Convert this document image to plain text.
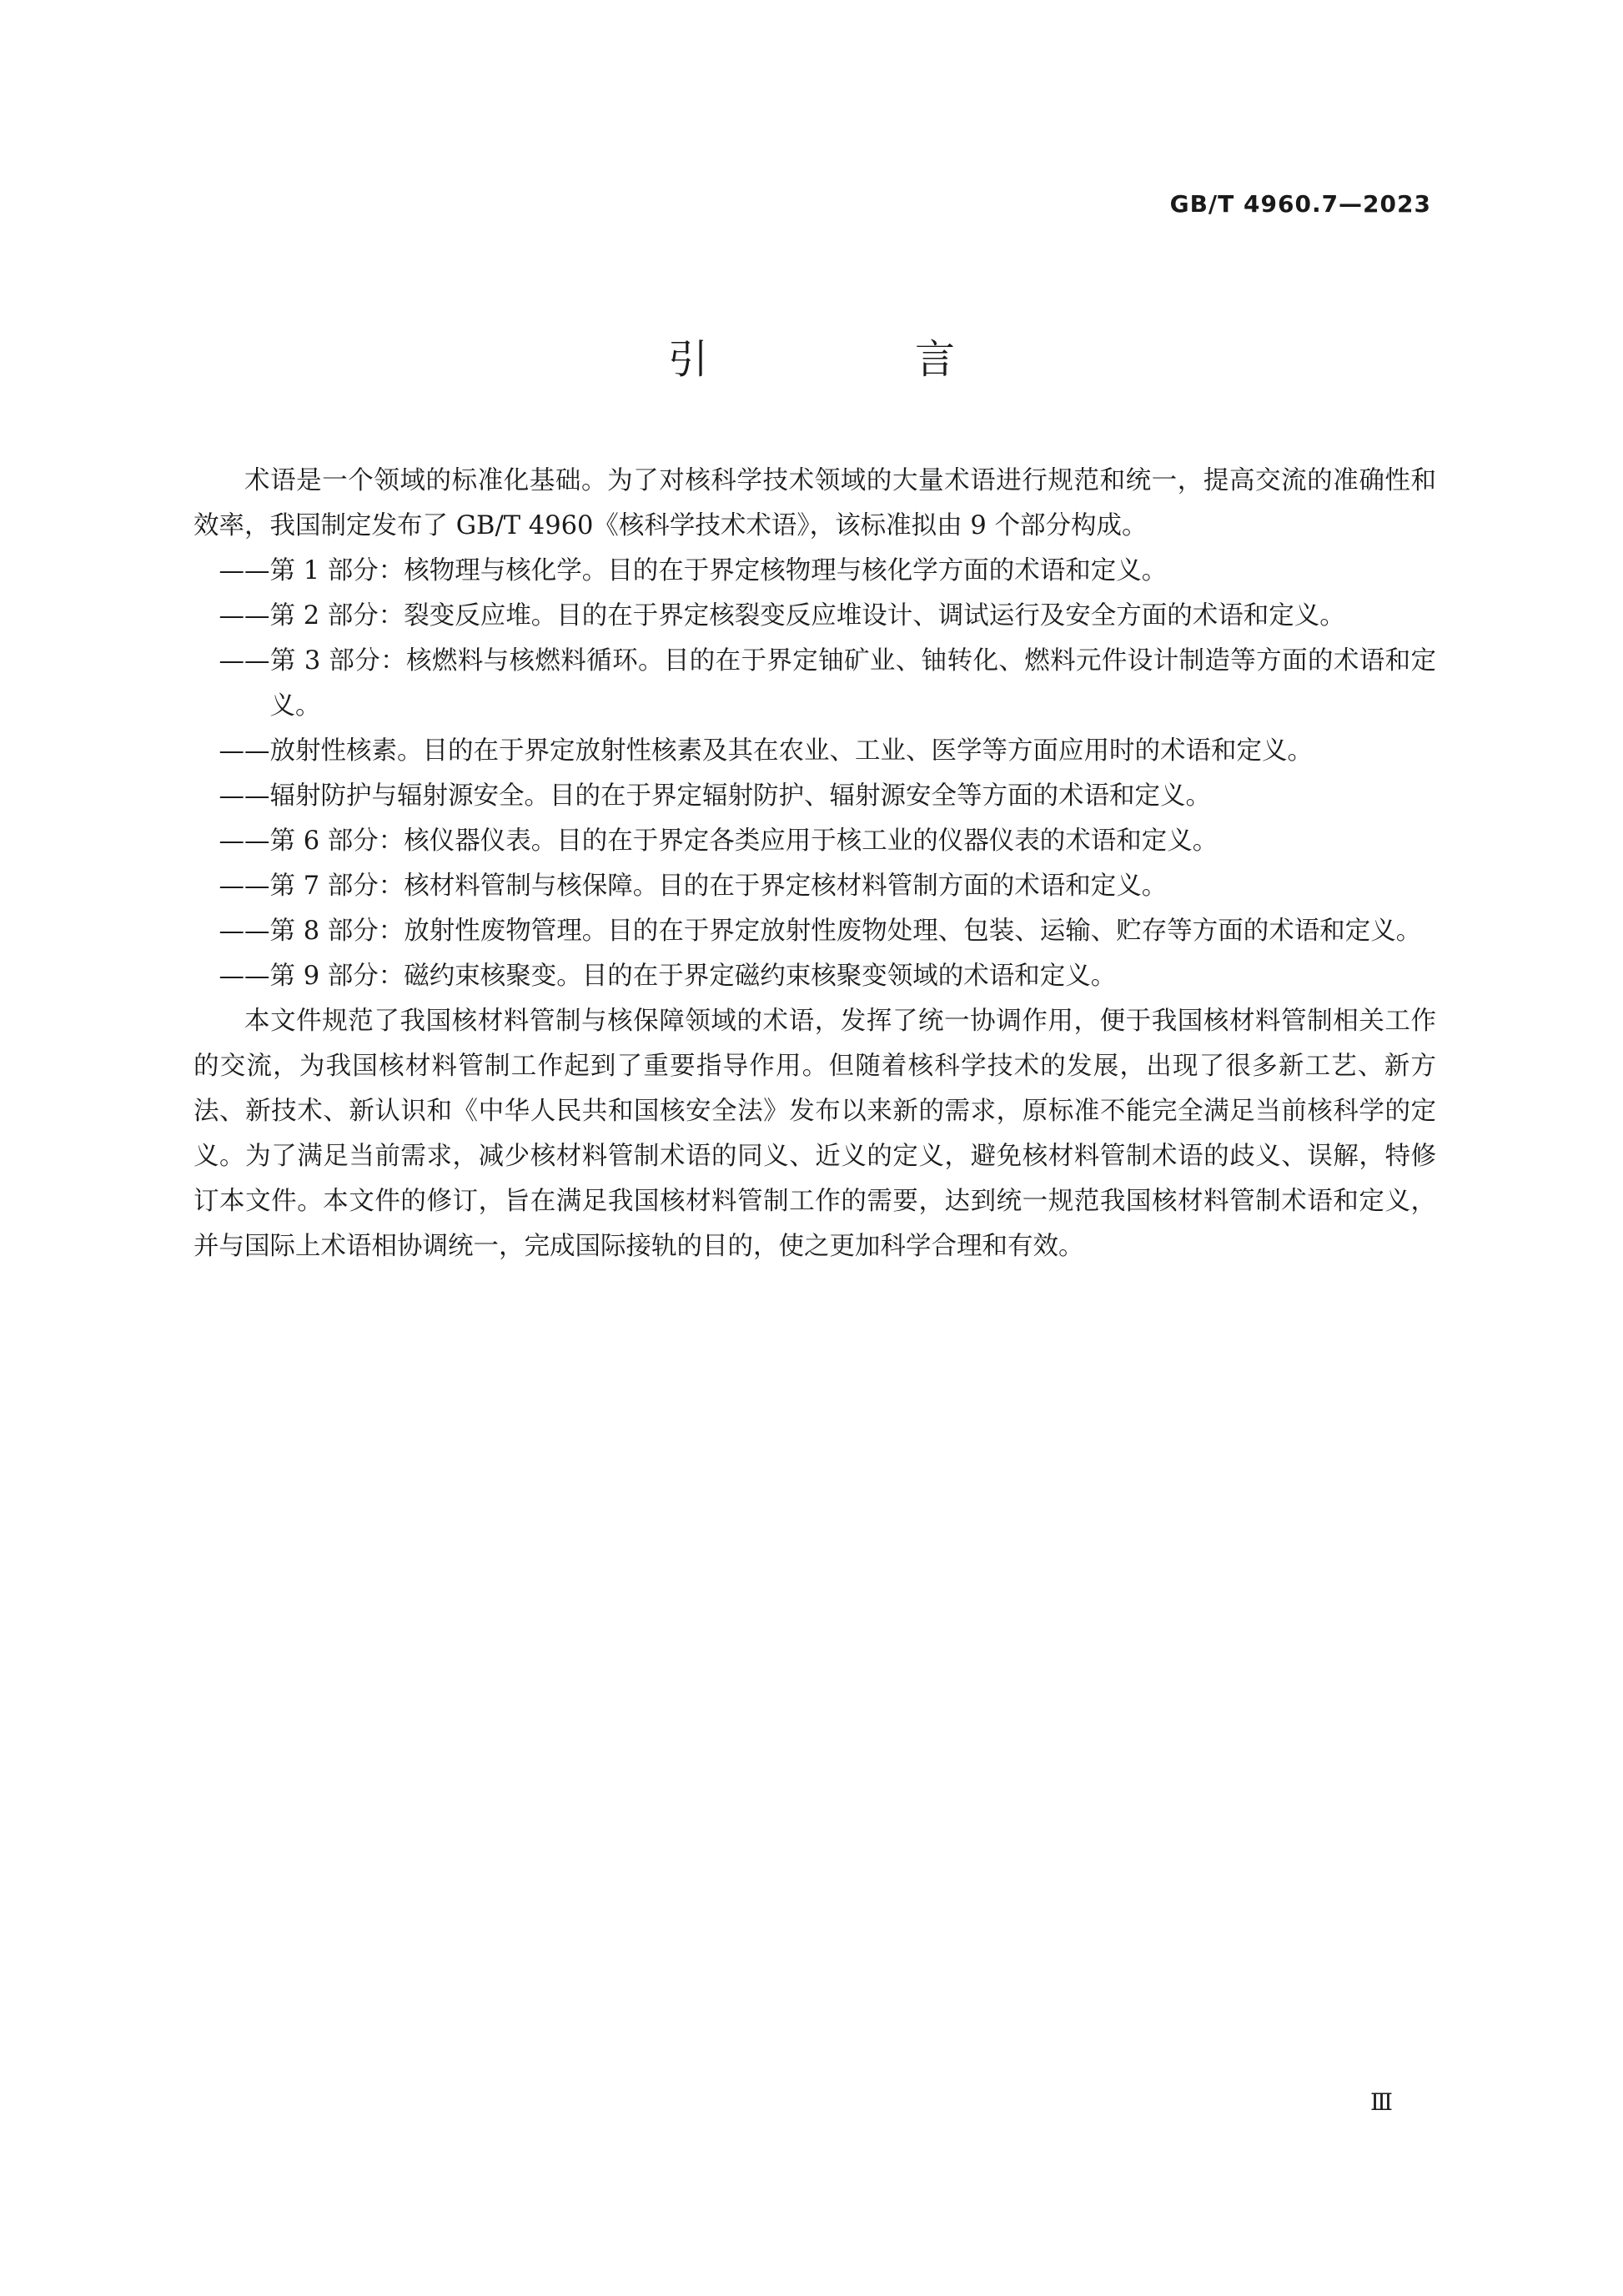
GB/T 4960.7—2023
引　言

术语是一个领域的标准化基础。为了对核科学技术领域的大量术语进行规范和统一，提高交流的准确性和效率，我国制定发布了 GB/T 4960《核科学技术术语》，该标准拟由 9 个部分构成。

——第 1 部分：核物理与核化学。目的在于界定核物理与核化学方面的术语和定义。

——第 2 部分：裂变反应堆。目的在于界定核裂变反应堆设计、调试运行及安全方面的术语和定义。

——第 3 部分：核燃料与核燃料循环。目的在于界定铀矿业、铀转化、燃料元件设计制造等方面的术语和定义。

——放射性核素。目的在于界定放射性核素及其在农业、工业、医学等方面应用时的术语和定义。

——辐射防护与辐射源安全。目的在于界定辐射防护、辐射源安全等方面的术语和定义。

——第 6 部分：核仪器仪表。目的在于界定各类应用于核工业的仪器仪表的术语和定义。

——第 7 部分：核材料管制与核保障。目的在于界定核材料管制方面的术语和定义。

——第 8 部分：放射性废物管理。目的在于界定放射性废物处理、包装、运输、贮存等方面的术语和定义。

——第 9 部分：磁约束核聚变。目的在于界定磁约束核聚变领域的术语和定义。

本文件规范了我国核材料管制与核保障领域的术语，发挥了统一协调作用，便于我国核材料管制相关工作的交流，为我国核材料管制工作起到了重要指导作用。但随着核科学技术的发展，出现了很多新工艺、新方法、新技术、新认识和《中华人民共和国核安全法》发布以来新的需求，原标准不能完全满足当前核科学的定义。为了满足当前需求，减少核材料管制术语的同义、近义的定义，避免核材料管制术语的歧义、误解，特修订本文件。本文件的修订，旨在满足我国核材料管制工作的需要，达到统一规范我国核材料管制术语和定义，并与国际上术语相协调统一，完成国际接轨的目的，使之更加科学合理和有效。

Ⅲ
